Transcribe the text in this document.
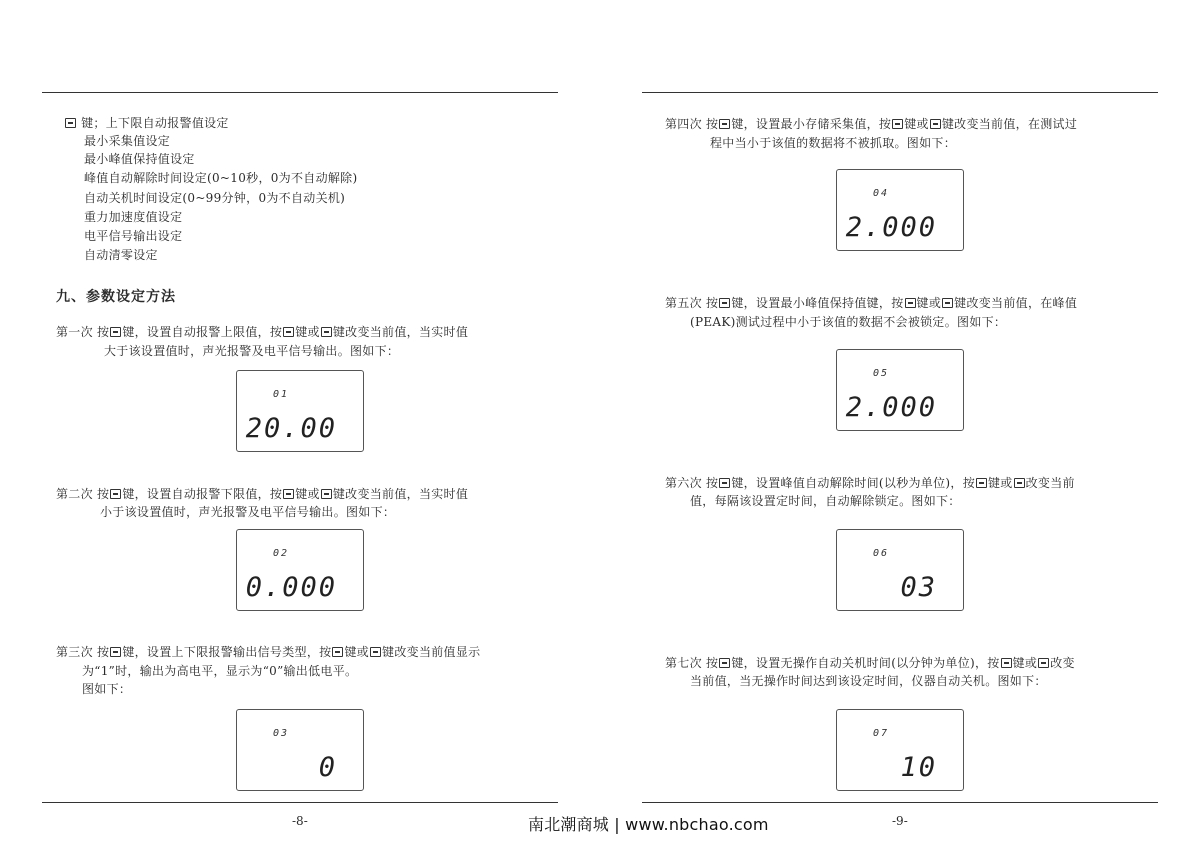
键；上下限自动报警值设定
最小采集值设定
最小峰值保持值设定
峰值自动解除时间设定(0~10秒，0为不自动解除)
自动关机时间设定(0~99分钟，0为不自动关机)
重力加速度值设定
电平信号输出设定
自动清零设定
九、参数设定方法
第一次 按 键，设置自动报警上限值，按 键或 键改变当前值，当实时值
大于该设置值时，声光报警及电平信号输出。图如下：
01
20.00
第二次 按 键，设置自动报警下限值，按 键或 键改变当前值，当实时值
小于该设置值时，声光报警及电平信号输出。图如下：
02
0.000
第三次 按 键，设置上下限报警输出信号类型，按 键或 键改变当前值显示
为“1”时，输出为高电平，显示为“0”输出低电平。
图如下：
03
0
-8-
第四次 按 键，设置最小存储采集值，按 键或 键改变当前值，在测试过
程中当小于该值的数据将不被抓取。图如下：
04
2.000
第五次 按 键，设置最小峰值保持值键，按 键或 键改变当前值，在峰值
(PEAK)测试过程中小于该值的数据不会被锁定。图如下：
05
2.000
第六次 按 键，设置峰值自动解除时间(以秒为单位)，按 键或 改变当前
值，每隔该设置定时间，自动解除锁定。图如下：
06
03
第七次 按 键，设置无操作自动关机时间(以分钟为单位)，按 键或 改变
当前值，当无操作时间达到该设定时间，仪器自动关机。图如下：
07
10
-9-
南北潮商城 | www.nbchao.com
